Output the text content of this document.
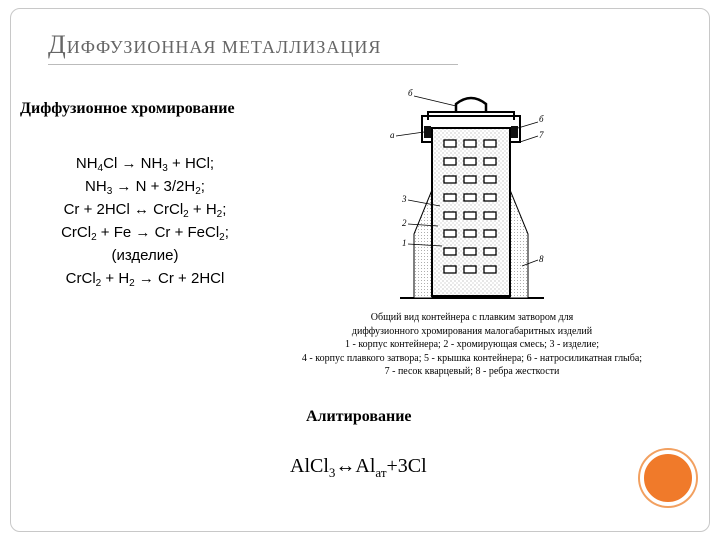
ДИФФУЗИОННАЯ МЕТАЛЛИЗАЦИЯ
Диффузионное хромирование
$NH_4Cl \to NH_3$ + HCl;
$NH_3 \to N + 3/2H_2$;
Cr + 2HCl ↔ CrCl$_2$ + $H_2$;
CrCl$_2$ + Fe → Cr + FeCl$_2$;
(изделие)
CrCl$_2$ + $H_2 \to Cr + 2HCl$
б
а
б
7
3
2
1
8
Общий вид контейнера с плавким затвором для
диффузионного хромирования малогабаритных изделий
1 - корпус контейнера; 2 - хромирующая смесь; 3 - изделие;
4 - корпус плавкого затвора; 5 - крышка контейнера; 6 - натросиликатная глыба;
7 - песок кварцевый; 8 - ребра жесткости
Алитирование
$AlCl_3\leftrightarrow Al_{ат}+3Cl$
